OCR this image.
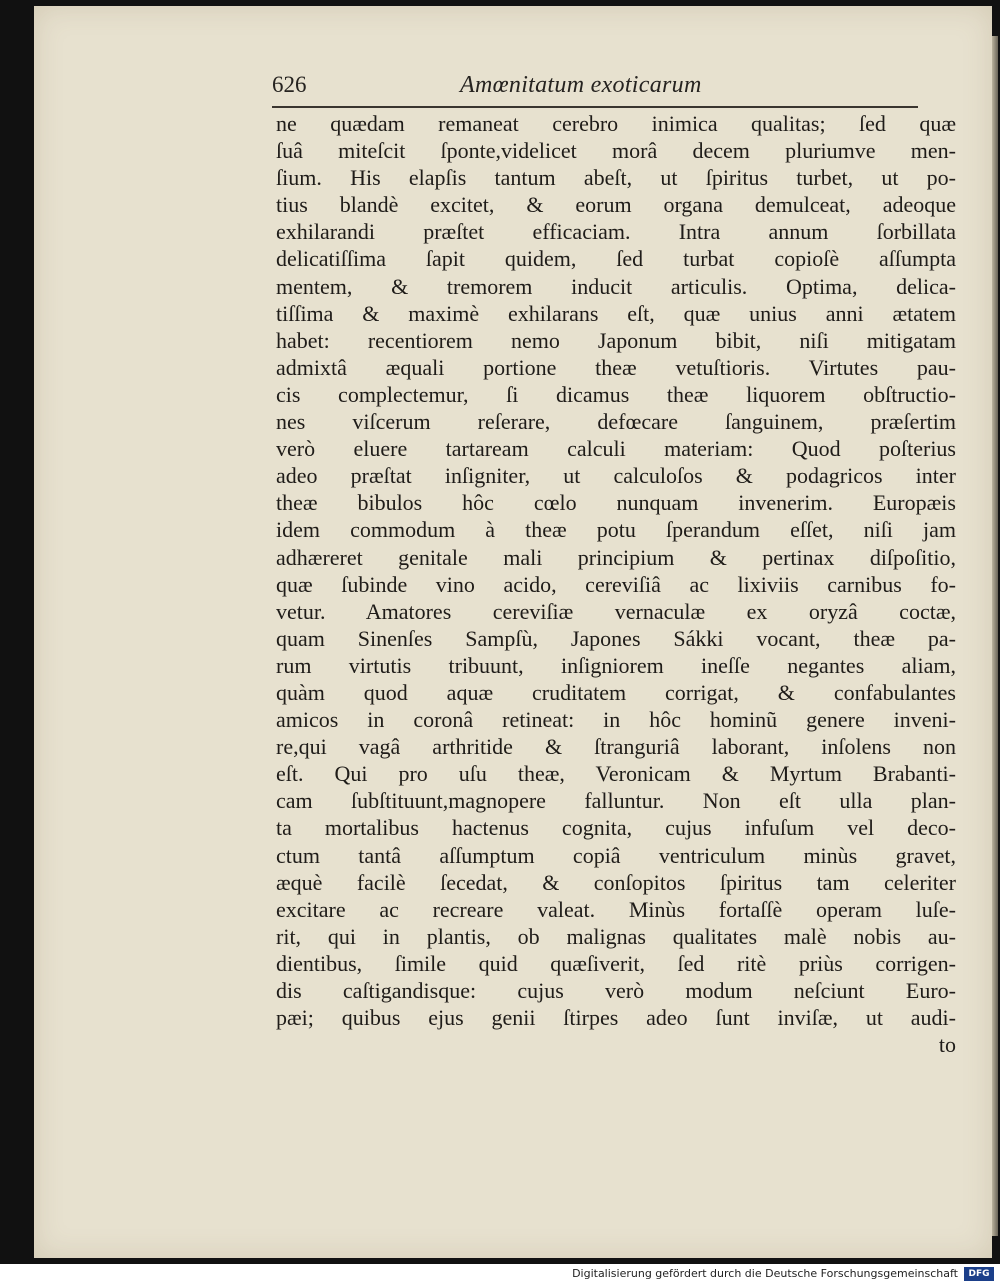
626	Amœnitatum exoticarum
ne quædam remaneat cerebro inimica qualitas; ſed quæ
ſuâ miteſcit ſponte,videlicet morâ decem pluriumve men-
ſium. His elapſis tantum abeſt, ut ſpiritus turbet, ut po-
tius blandè excitet, & eorum organa demulceat, adeoque
exhilarandi præſtet efficaciam. Intra annum ſorbillata
delicatiſſima ſapit quidem, ſed turbat copioſè aſſumpta
mentem, & tremorem inducit articulis. Optima, delica-
tiſſima & maximè exhilarans eſt, quæ unius anni ætatem
habet: recentiorem nemo Japonum bibit, niſi mitigatam
admixtâ æquali portione theæ vetuſtioris. Virtutes pau-
cis complectemur, ſi dicamus theæ liquorem obſtructio-
nes viſcerum reſerare, defœcare ſanguinem, præſertim
verò eluere tartaream calculi materiam: Quod poſterius
adeo præſtat inſigniter, ut calculoſos & podagricos inter
theæ bibulos hôc cœlo nunquam invenerim. Europæis
idem commodum à theæ potu ſperandum eſſet, niſi jam
adhæreret genitale mali principium & pertinax diſpoſitio,
quæ ſubinde vino acido, cereviſiâ ac lixiviis carnibus fo-
vetur. Amatores cereviſiæ vernaculæ ex oryzâ coctæ,
quam Sinenſes Sampſù, Japones Sákki vocant, theæ pa-
rum virtutis tribuunt, inſigniorem ineſſe negantes aliam,
quàm quod aquæ cruditatem corrigat, & confabulantes
amicos in coronâ retineat: in hôc hominũ genere inveni-
re,qui vagâ arthritide & ſtranguriâ laborant, inſolens non
eſt. Qui pro uſu theæ, Veronicam & Myrtum Brabanti-
cam ſubſtituunt,magnopere falluntur. Non eſt ulla plan-
ta mortalibus hactenus cognita, cujus infuſum vel deco-
ctum tantâ aſſumptum copiâ ventriculum minùs gravet,
æquè facilè ſecedat, & conſopitos ſpiritus tam celeriter
excitare ac recreare valeat. Minùs fortaſſè operam luſe-
rit, qui in plantis, ob malignas qualitates malè nobis au-
dientibus, ſimile quid quæſiverit, ſed ritè priùs corrigen-
dis caſtigandisque: cujus verò modum neſciunt Euro-
pæi; quibus ejus genii ſtirpes adeo ſunt inviſæ, ut audi-
to
Digitalisierung gefördert durch die Deutsche Forschungsgemeinschaft	DFG
